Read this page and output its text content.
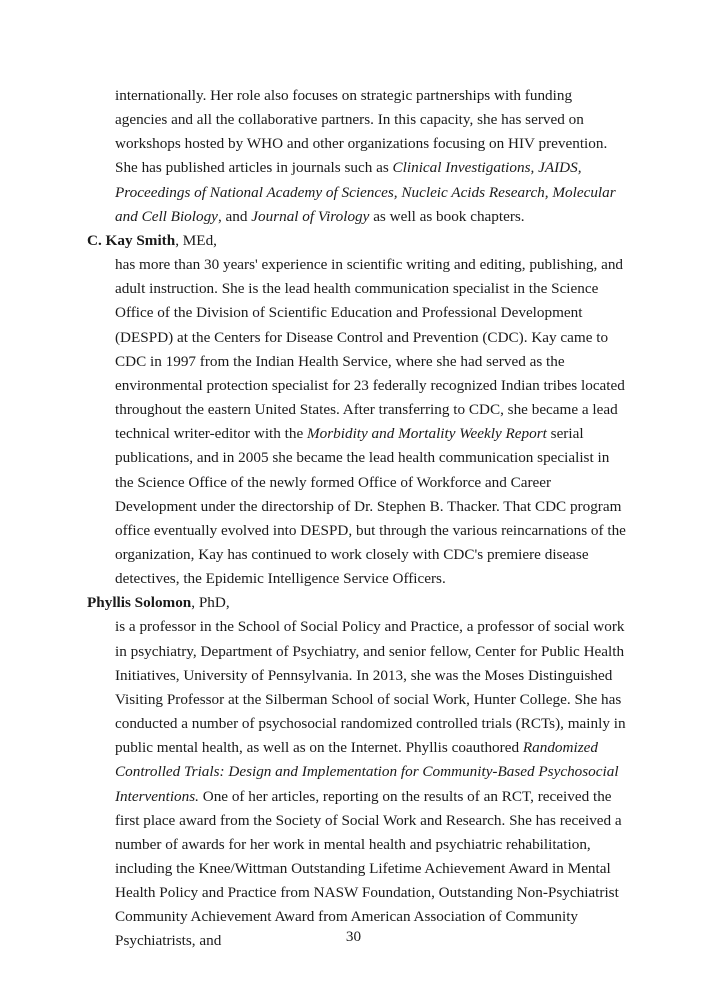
internationally. Her role also focuses on strategic partnerships with funding agencies and all the collaborative partners. In this capacity, she has served on workshops hosted by WHO and other organizations focusing on HIV prevention. She has published articles in journals such as Clinical Investigations, JAIDS, Proceedings of National Academy of Sciences, Nucleic Acids Research, Molecular and Cell Biology, and Journal of Virology as well as book chapters.

C. Kay Smith, MEd,

has more than 30 years' experience in scientific writing and editing, publishing, and adult instruction. She is the lead health communication specialist in the Science Office of the Division of Scientific Education and Professional Development (DESPD) at the Centers for Disease Control and Prevention (CDC). Kay came to CDC in 1997 from the Indian Health Service, where she had served as the environmental protection specialist for 23 federally recognized Indian tribes located throughout the eastern United States. After transferring to CDC, she became a lead technical writer-editor with the Morbidity and Mortality Weekly Report serial publications, and in 2005 she became the lead health communication specialist in the Science Office of the newly formed Office of Workforce and Career Development under the directorship of Dr. Stephen B. Thacker. That CDC program office eventually evolved into DESPD, but through the various reincarnations of the organization, Kay has continued to work closely with CDC's premiere disease detectives, the Epidemic Intelligence Service Officers.

Phyllis Solomon, PhD,

is a professor in the School of Social Policy and Practice, a professor of social work in psychiatry, Department of Psychiatry, and senior fellow, Center for Public Health Initiatives, University of Pennsylvania. In 2013, she was the Moses Distinguished Visiting Professor at the Silberman School of social Work, Hunter College. She has conducted a number of psychosocial randomized controlled trials (RCTs), mainly in public mental health, as well as on the Internet. Phyllis coauthored Randomized Controlled Trials: Design and Implementation for Community-Based Psychosocial Interventions. One of her articles, reporting on the results of an RCT, received the first place award from the Society of Social Work and Research. She has received a number of awards for her work in mental health and psychiatric rehabilitation, including the Knee/Wittman Outstanding Lifetime Achievement Award in Mental Health Policy and Practice from NASW Foundation, Outstanding Non-Psychiatrist Community Achievement Award from American Association of Community Psychiatrists, and	30
